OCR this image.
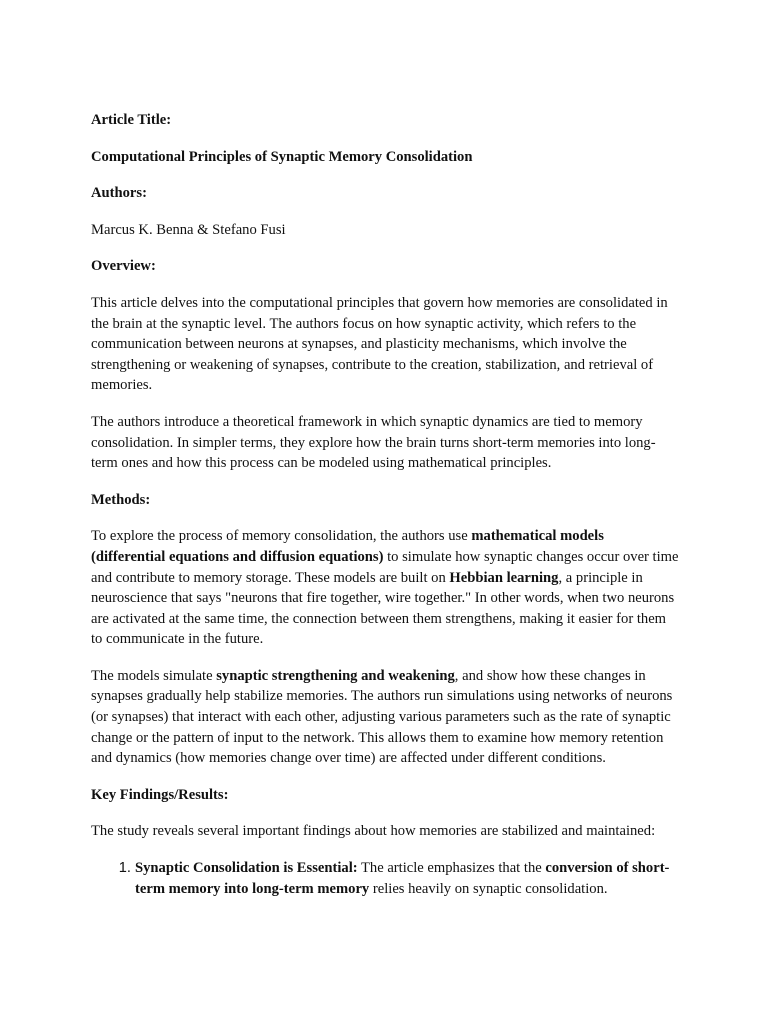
Article Title:
Computational Principles of Synaptic Memory Consolidation
Authors:
Marcus K. Benna & Stefano Fusi
Overview:

This article delves into the computational principles that govern how memories are consolidated in the brain at the synaptic level. The authors focus on how synaptic activity, which refers to the communication between neurons at synapses, and plasticity mechanisms, which involve the strengthening or weakening of synapses, contribute to the creation, stabilization, and retrieval of memories.

The authors introduce a theoretical framework in which synaptic dynamics are tied to memory consolidation. In simpler terms, they explore how the brain turns short-term memories into long-term ones and how this process can be modeled using mathematical principles.

Methods:

To explore the process of memory consolidation, the authors use mathematical models (differential equations and diffusion equations) to simulate how synaptic changes occur over time and contribute to memory storage. These models are built on Hebbian learning, a principle in neuroscience that says "neurons that fire together, wire together." In other words, when two neurons are activated at the same time, the connection between them strengthens, making it easier for them to communicate in the future.

The models simulate synaptic strengthening and weakening, and show how these changes in synapses gradually help stabilize memories. The authors run simulations using networks of neurons (or synapses) that interact with each other, adjusting various parameters such as the rate of synaptic change or the pattern of input to the network. This allows them to examine how memory retention and dynamics (how memories change over time) are affected under different conditions.

Key Findings/Results:

The study reveals several important findings about how memories are stabilized and maintained:

1. Synaptic Consolidation is Essential: The article emphasizes that the conversion of short-term memory into long-term memory relies heavily on synaptic consolidation.
